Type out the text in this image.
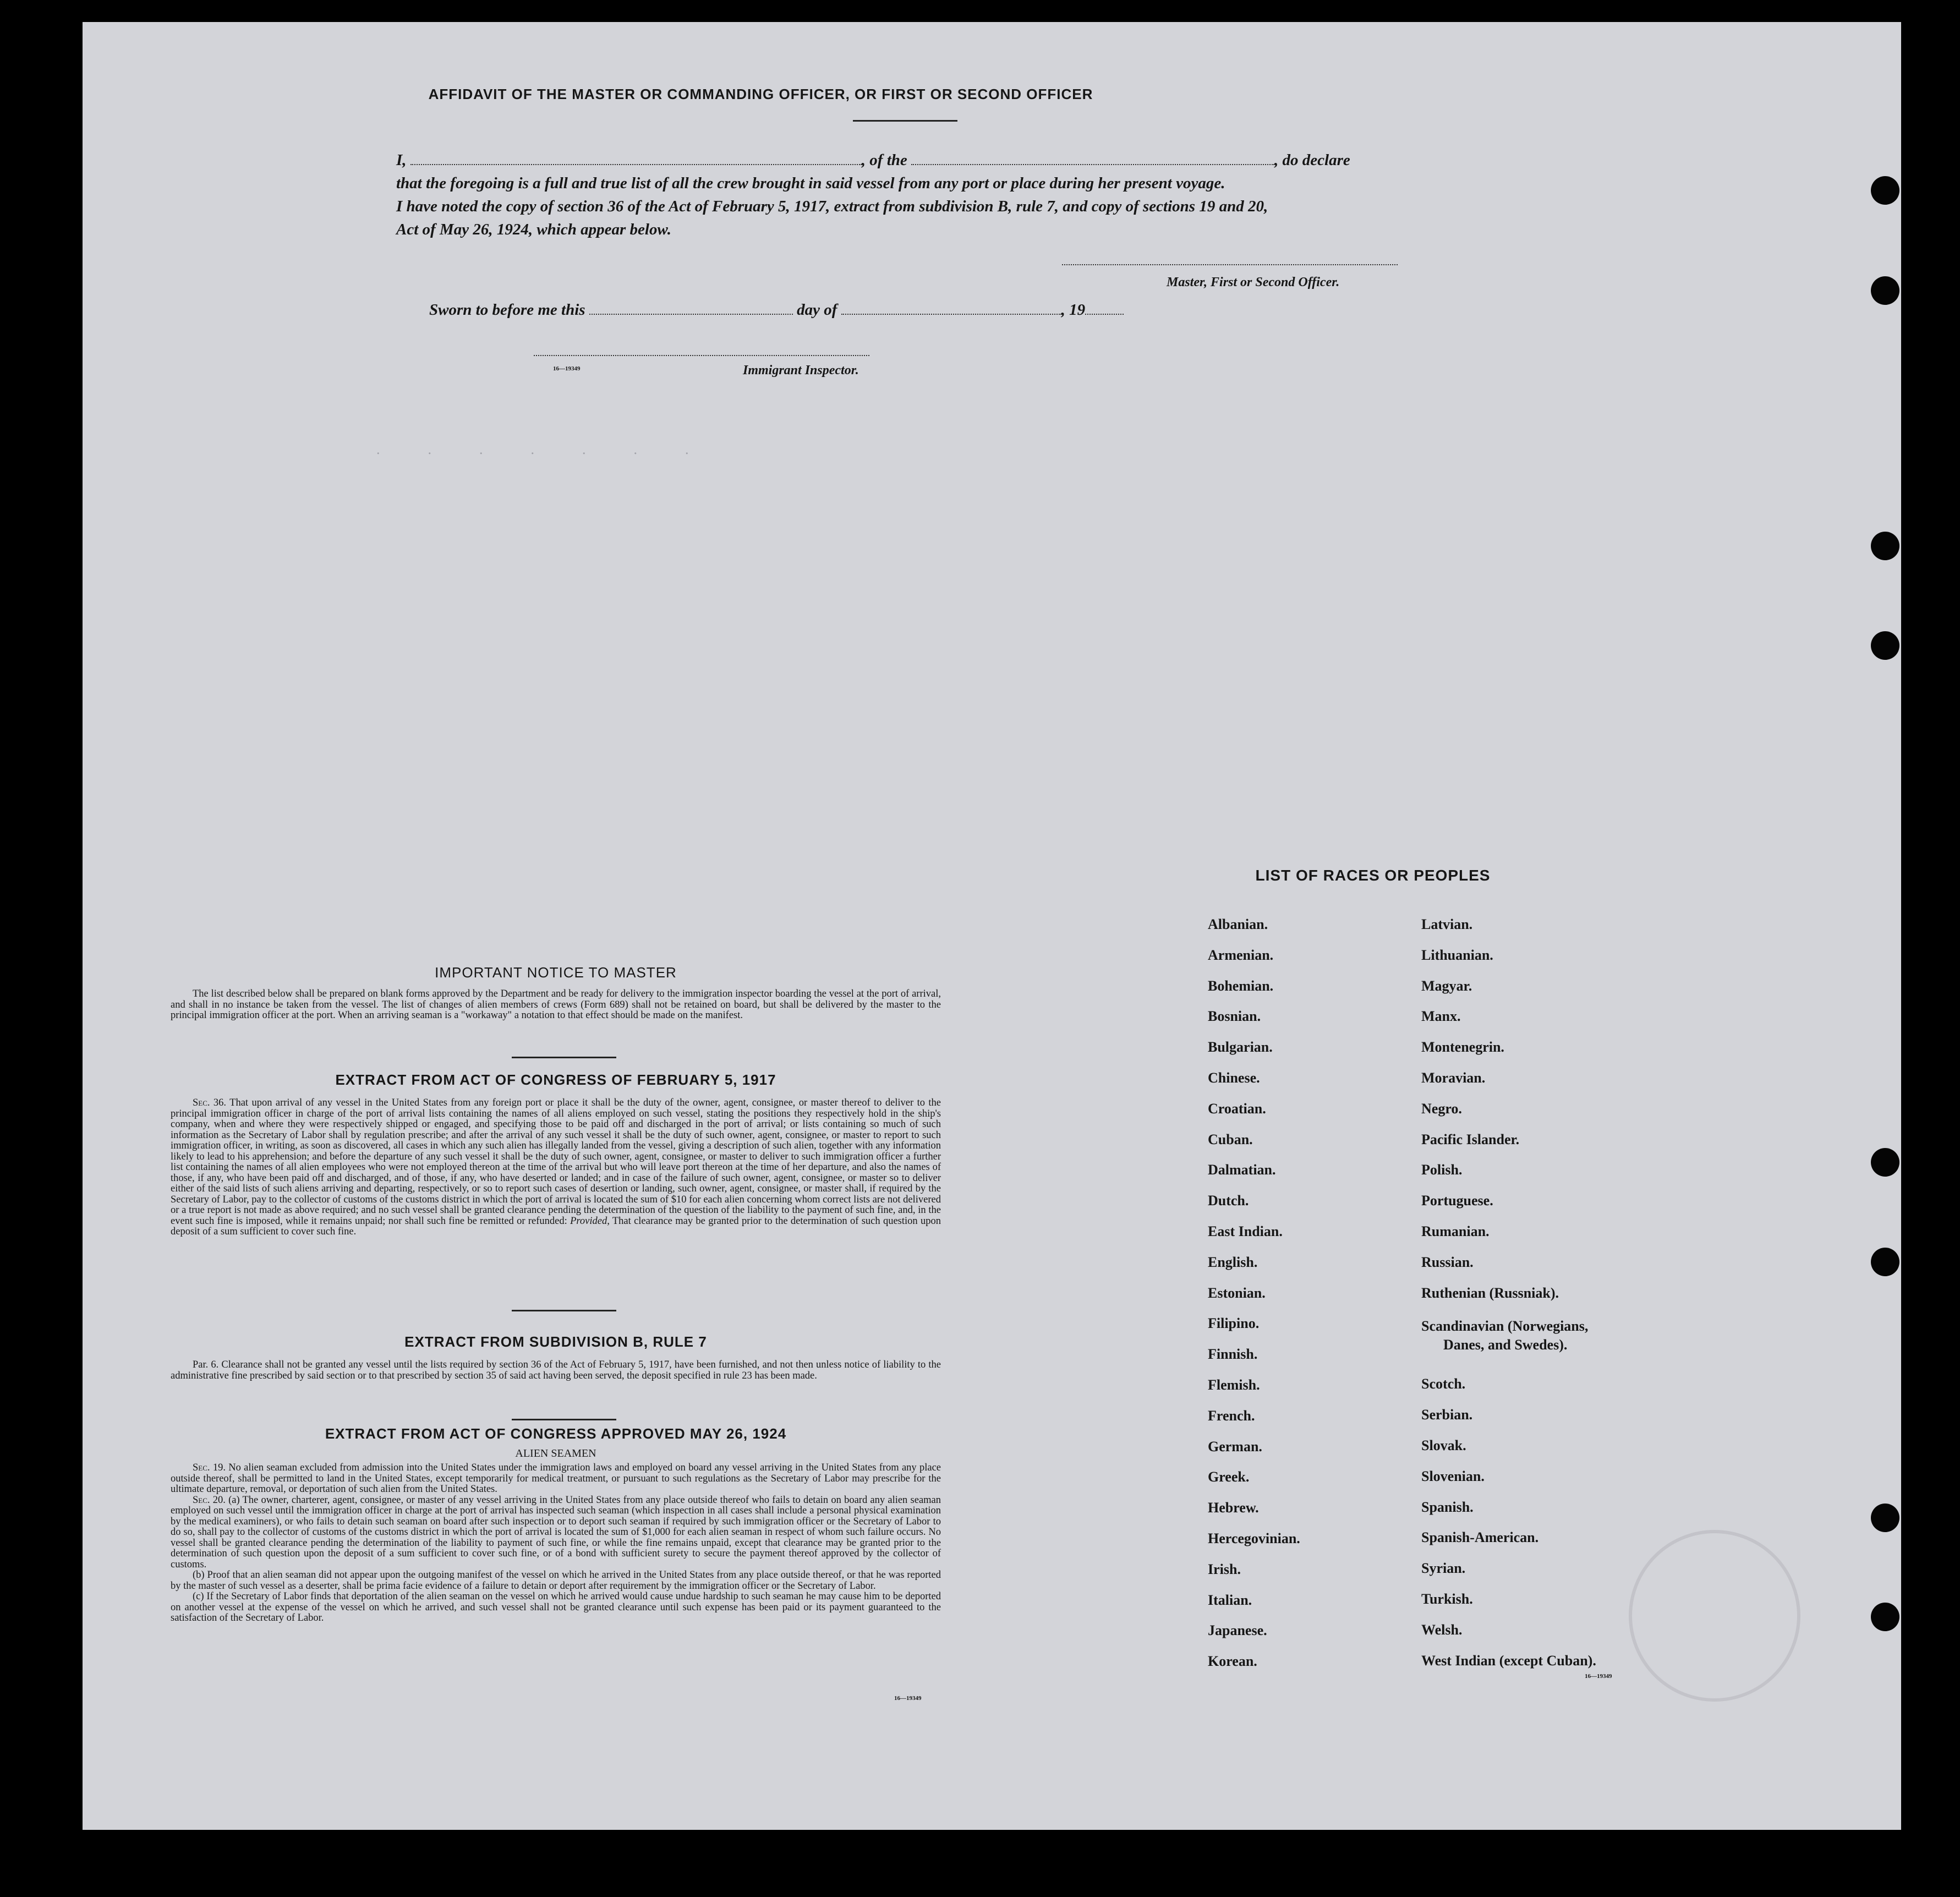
.          .          .          .          .          .          .

AFFIDAVIT OF THE MASTER OR COMMANDING OFFICER, OR FIRST OR SECOND OFFICER
I,	, of the	, do declare
that the foregoing is a full and true list of all the crew brought in said vessel from any port or place during her present voyage.
I have noted the copy of section 36 of the Act of February 5, 1917, extract from subdivision B, rule 7, and copy of sections 19 and 20,
Act of May 26, 1924, which appear below.
Master, First or Second Officer.
Sworn to before me this	day of	, 19
16—19349	Immigrant Inspector.
IMPORTANT NOTICE TO MASTER
The list described below shall be prepared on blank forms approved by the Department and be ready for delivery to the immigration inspector boarding the vessel at the port of arrival, and shall in no instance be taken from the vessel. The list of changes of alien members of crews (Form 689) shall not be retained on board, but shall be delivered by the master to the principal immigration officer at the port. When an arriving seaman is a "workaway" a notation to that effect should be made on the manifest.
EXTRACT FROM ACT OF CONGRESS OF FEBRUARY 5, 1917
Sec. 36. That upon arrival of any vessel in the United States from any foreign port or place it shall be the duty of the owner, agent, consignee, or master thereof to deliver to the principal immigration officer in charge of the port of arrival lists containing the names of all aliens employed on such vessel, stating the positions they respectively hold in the ship's company, when and where they were respectively shipped or engaged, and specifying those to be paid off and discharged in the port of arrival; or lists containing so much of such information as the Secretary of Labor shall by regulation prescribe; and after the arrival of any such vessel it shall be the duty of such owner, agent, consignee, or master to report to such immigration officer, in writing, as soon as discovered, all cases in which any such alien has illegally landed from the vessel, giving a description of such alien, together with any information likely to lead to his apprehension; and before the departure of any such vessel it shall be the duty of such owner, agent, consignee, or master to deliver to such immigration officer a further list containing the names of all alien employees who were not employed thereon at the time of the arrival but who will leave port thereon at the time of her departure, and also the names of those, if any, who have been paid off and discharged, and of those, if any, who have deserted or landed; and in case of the failure of such owner, agent, consignee, or master so to deliver either of the said lists of such aliens arriving and departing, respectively, or so to report such cases of desertion or landing, such owner, agent, consignee, or master shall, if required by the Secretary of Labor, pay to the collector of customs of the customs district in which the port of arrival is located the sum of $10 for each alien concerning whom correct lists are not delivered or a true report is not made as above required; and no such vessel shall be granted clearance pending the determination of the question of the liability to the payment of such fine, and, in the event such fine is imposed, while it remains unpaid; nor shall such fine be remitted or refunded: Provided, That clearance may be granted prior to the determination of such question upon deposit of a sum sufficient to cover such fine.
EXTRACT FROM SUBDIVISION B, RULE 7
Par. 6. Clearance shall not be granted any vessel until the lists required by section 36 of the Act of February 5, 1917, have been furnished, and not then unless notice of liability to the administrative fine prescribed by said section or to that prescribed by section 35 of said act having been served, the deposit specified in rule 23 has been made.
EXTRACT FROM ACT OF CONGRESS APPROVED MAY 26, 1924
ALIEN SEAMEN
Sec. 19. No alien seaman excluded from admission into the United States under the immigration laws and employed on board any vessel arriving in the United States from any place outside thereof, shall be permitted to land in the United States, except temporarily for medical treatment, or pursuant to such regulations as the Secretary of Labor may prescribe for the ultimate departure, removal, or deportation of such alien from the United States.
Sec. 20. (a) The owner, charterer, agent, consignee, or master of any vessel arriving in the United States from any place outside thereof who fails to detain on board any alien seaman employed on such vessel until the immigration officer in charge at the port of arrival has inspected such seaman (which inspection in all cases shall include a personal physical examination by the medical examiners), or who fails to detain such seaman on board after such inspection or to deport such seaman if required by such immigration officer or the Secretary of Labor to do so, shall pay to the collector of customs of the customs district in which the port of arrival is located the sum of $1,000 for each alien seaman in respect of whom such failure occurs. No vessel shall be granted clearance pending the determination of the liability to payment of such fine, or while the fine remains unpaid, except that clearance may be granted prior to the determination of such question upon the deposit of a sum sufficient to cover such fine, or of a bond with sufficient surety to secure the payment thereof approved by the collector of customs.
(b) Proof that an alien seaman did not appear upon the outgoing manifest of the vessel on which he arrived in the United States from any place outside thereof, or that he was reported by the master of such vessel as a deserter, shall be prima facie evidence of a failure to detain or deport after requirement by the immigration officer or the Secretary of Labor.
(c) If the Secretary of Labor finds that deportation of the alien seaman on the vessel on which he arrived would cause undue hardship to such seaman he may cause him to be deported on another vessel at the expense of the vessel on which he arrived, and such vessel shall not be granted clearance until such expense has been paid or its payment guaranteed to the satisfaction of the Secretary of Labor.
16—19349
LIST OF RACES OR PEOPLES
Albanian.
Armenian.
Bohemian.
Bosnian.
Bulgarian.
Chinese.
Croatian.
Cuban.
Dalmatian.
Dutch.
East Indian.
English.
Estonian.
Filipino.
Finnish.
Flemish.
French.
German.
Greek.
Hebrew.
Hercegovinian.
Irish.
Italian.
Japanese.
Korean.
Latvian.
Lithuanian.
Magyar.
Manx.
Montenegrin.
Moravian.
Negro.
Pacific Islander.
Polish.
Portuguese.
Rumanian.
Russian.
Ruthenian (Russniak).
Scandinavian (Norwegians,
Danes, and Swedes).
Scotch.
Serbian.
Slovak.
Slovenian.
Spanish.
Spanish-American.
Syrian.
Turkish.
Welsh.
West Indian (except Cuban).
16—19349
